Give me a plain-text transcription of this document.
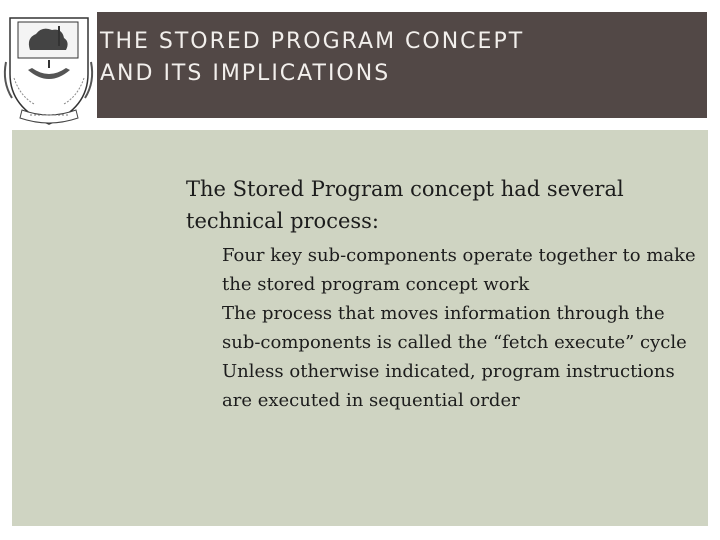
THE STORED PROGRAM CONCEPT
AND ITS IMPLICATIONS

The Stored Program concept had several technical process:

Four key sub-components operate together to make the stored program concept work
The process that moves information through the sub-components is called the “fetch execute” cycle
Unless otherwise indicated, program instructions are executed in sequential order
